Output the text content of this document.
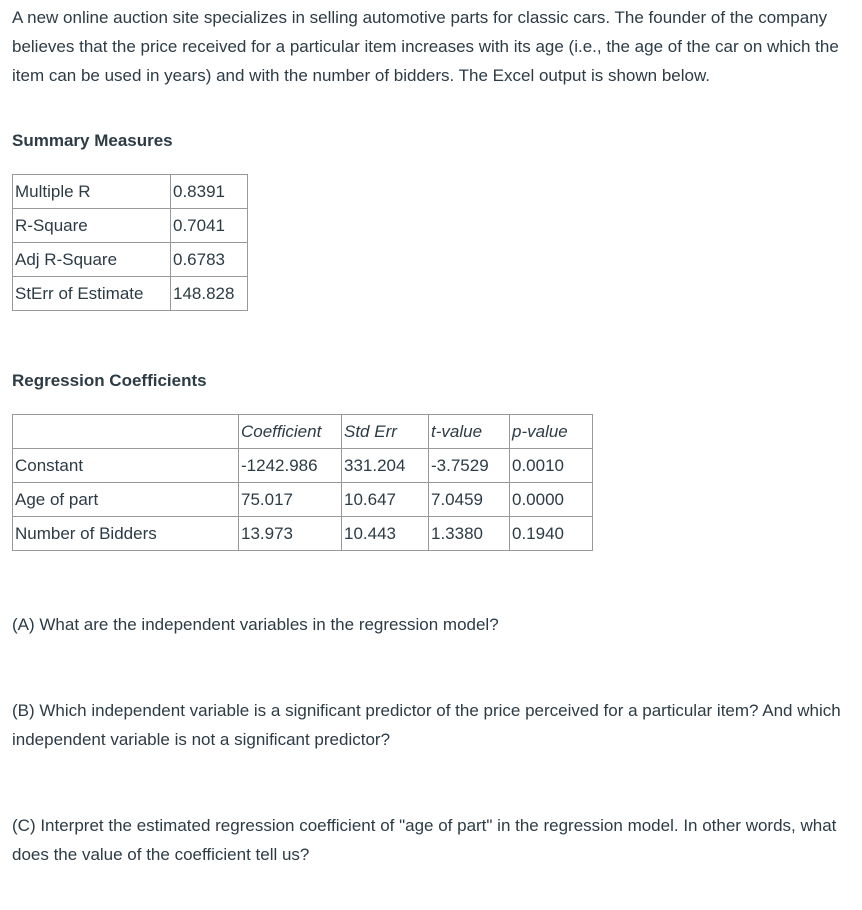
A new online auction site specializes in selling automotive parts for classic cars. The founder of the company believes that the price received for a particular item increases with its age (i.e., the age of the car on which the item can be used in years) and with the number of bidders. The Excel output is shown below.

Summary Measures
Multiple R	0.8391
R-Square	0.7041
Adj R-Square	0.6783
StErr of Estimate	148.828
Regression Coefficients
	Coefficient	Std Err	t-value	p-value
Constant	-1242.986	331.204	-3.7529	0.0010
Age of part	75.017	10.647	7.0459	0.0000
Number of Bidders	13.973	10.443	1.3380	0.1940

(A) What are the independent variables in the regression model?

(B) Which independent variable is a significant predictor of the price perceived for a particular item? And which independent variable is not a significant predictor?

(C) Interpret the estimated regression coefficient of "age of part" in the regression model. In other words, what does the value of the coefficient tell us?
